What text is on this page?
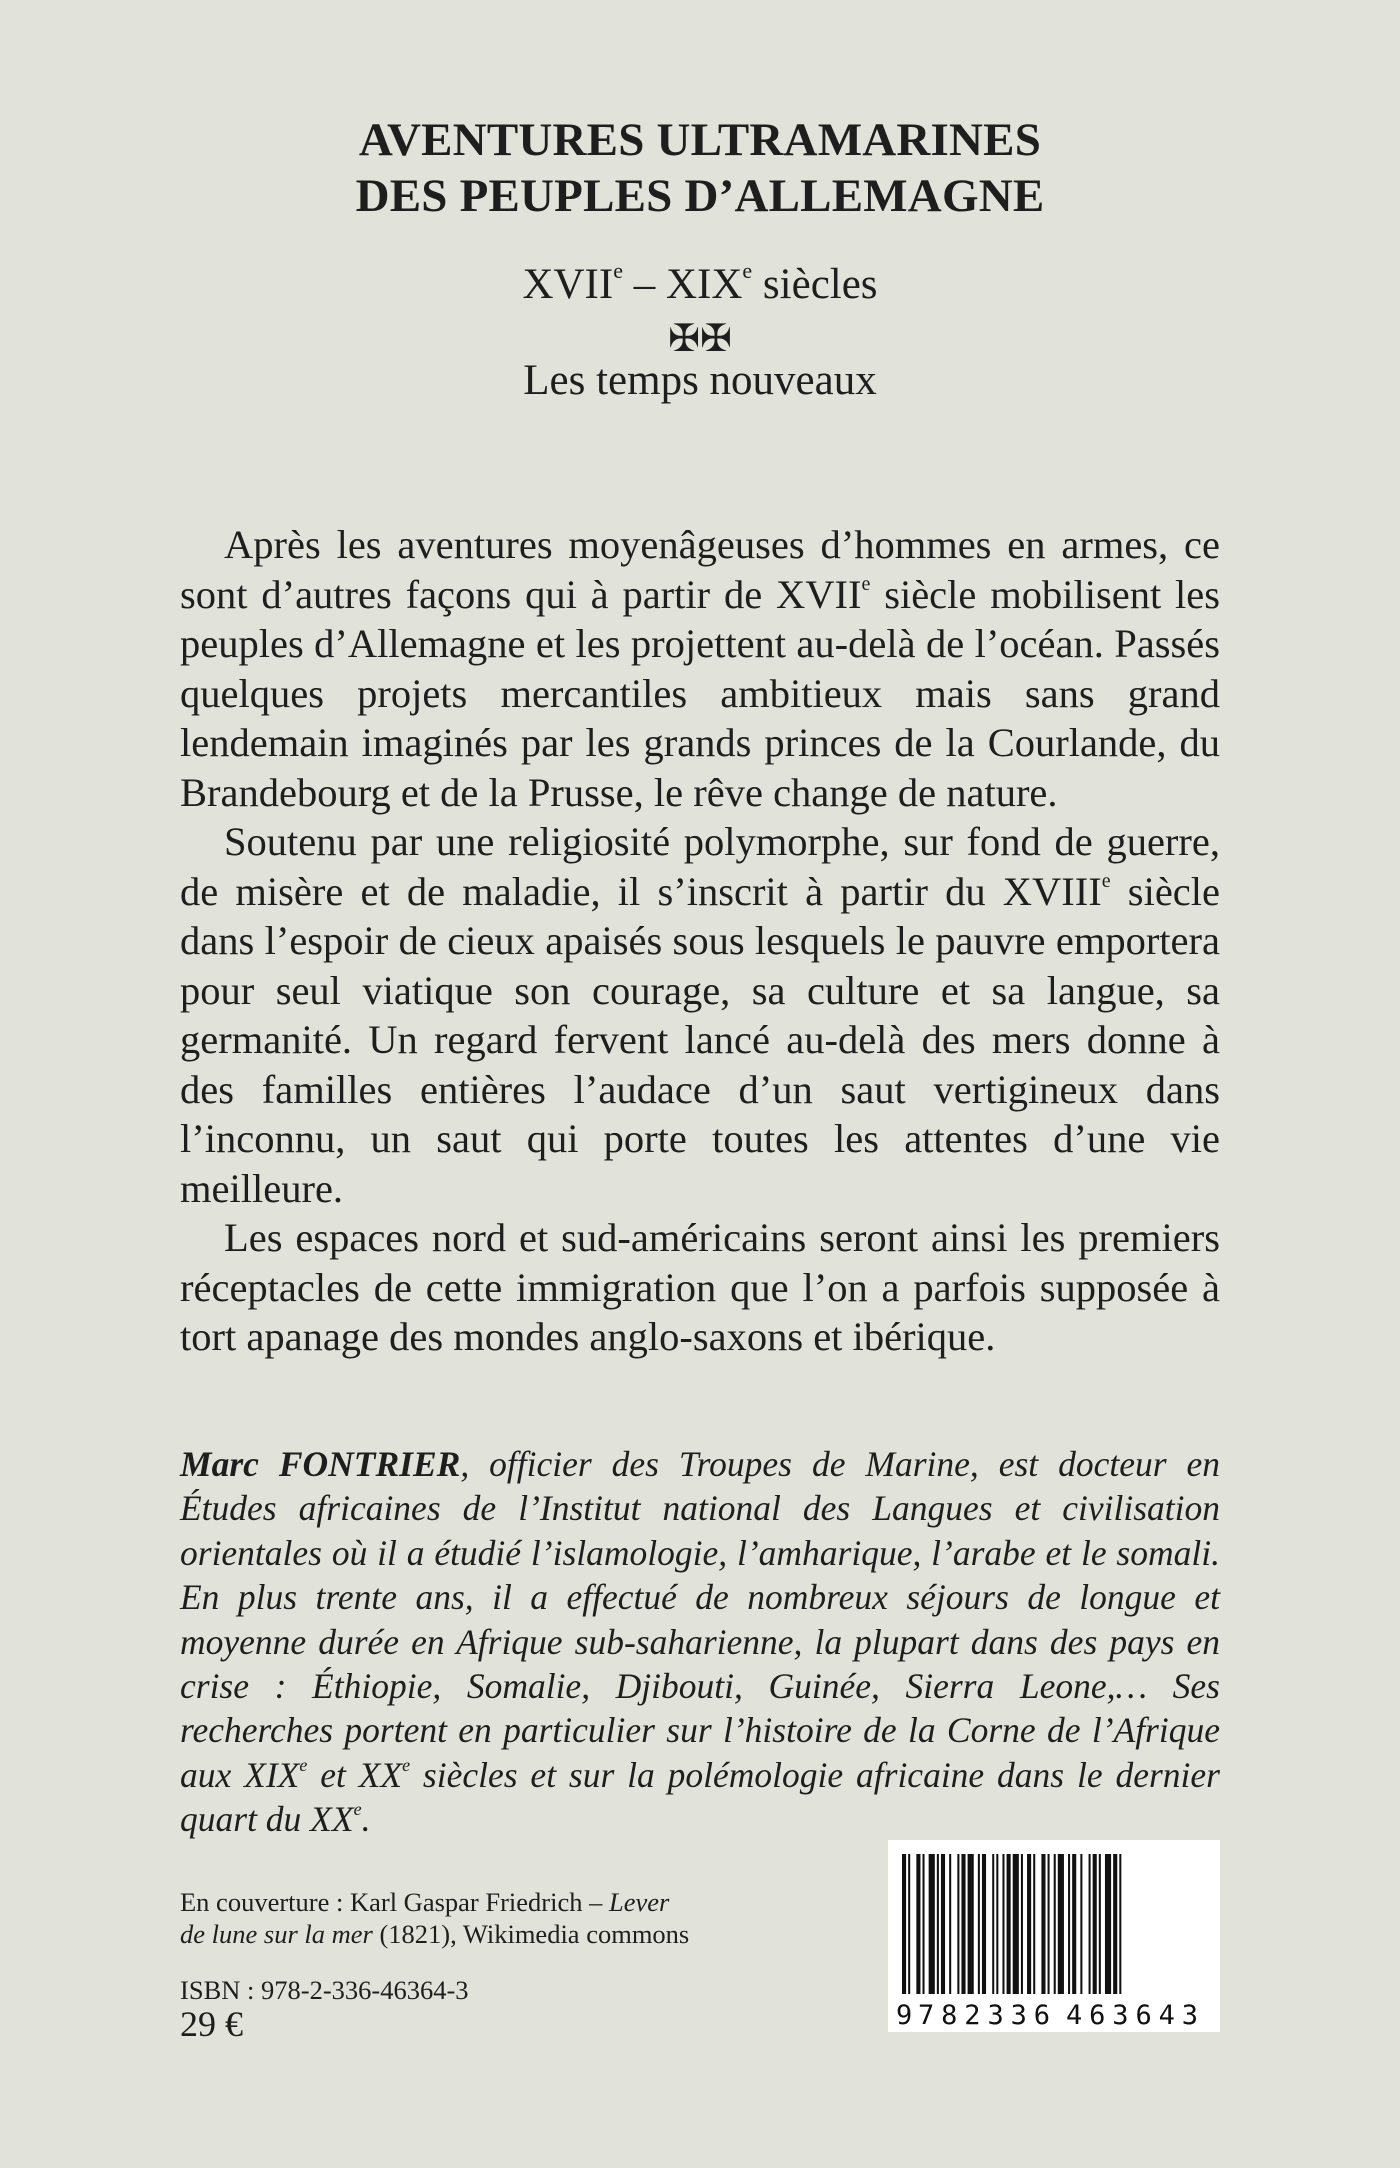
AVENTURES ULTRAMARINES
DES PEUPLES D’ALLEMAGNE
XVIIe – XIXe siècles
✠✠
Les temps nouveaux

Après les aventures moyenâgeuses d’hommes en armes, ce sont d’autres façons qui à partir de XVIIe siècle mobilisent les peuples d’Allemagne et les projettent au-delà de l’océan. Passés quelques projets mercantiles ambitieux mais sans grand lendemain imaginés par les grands princes de la Courlande, du Brandebourg et de la Prusse, le rêve change de nature.

Soutenu par une religiosité polymorphe, sur fond de guerre, de misère et de maladie, il s’inscrit à partir du XVIIIe siècle dans l’espoir de cieux apaisés sous lesquels le pauvre emportera pour seul viatique son courage, sa culture et sa langue, sa germanité. Un regard fervent lancé au-delà des mers donne à des familles entières l’audace d’un saut vertigineux dans l’inconnu, un saut qui porte toutes les attentes d’une vie meilleure.

Les espaces nord et sud-américains seront ainsi les premiers réceptacles de cette immigration que l’on a parfois supposée à tort apanage des mondes anglo-saxons et ibérique.

Marc FONTRIER, officier des Troupes de Marine, est docteur en Études africaines de l’Institut national des Langues et civilisation orientales où il a étudié l’islamologie, l’amharique, l’arabe et le somali. En plus trente ans, il a effectué de nombreux séjours de longue et moyenne durée en Afrique sub-saharienne, la plupart dans des pays en crise : Éthiopie, Somalie, Djibouti, Guinée, Sierra Leone,… Ses recherches portent en particulier sur l’histoire de la Corne de l’Afrique aux XIXe et XXe siècles et sur la polémologie africaine dans le dernier quart du XXe.
En couverture : Karl Gaspar Friedrich – Lever de lune sur la mer (1821), Wikimedia commons
ISBN : 978-2-336-46364-3
29 €	9 782336 463643
